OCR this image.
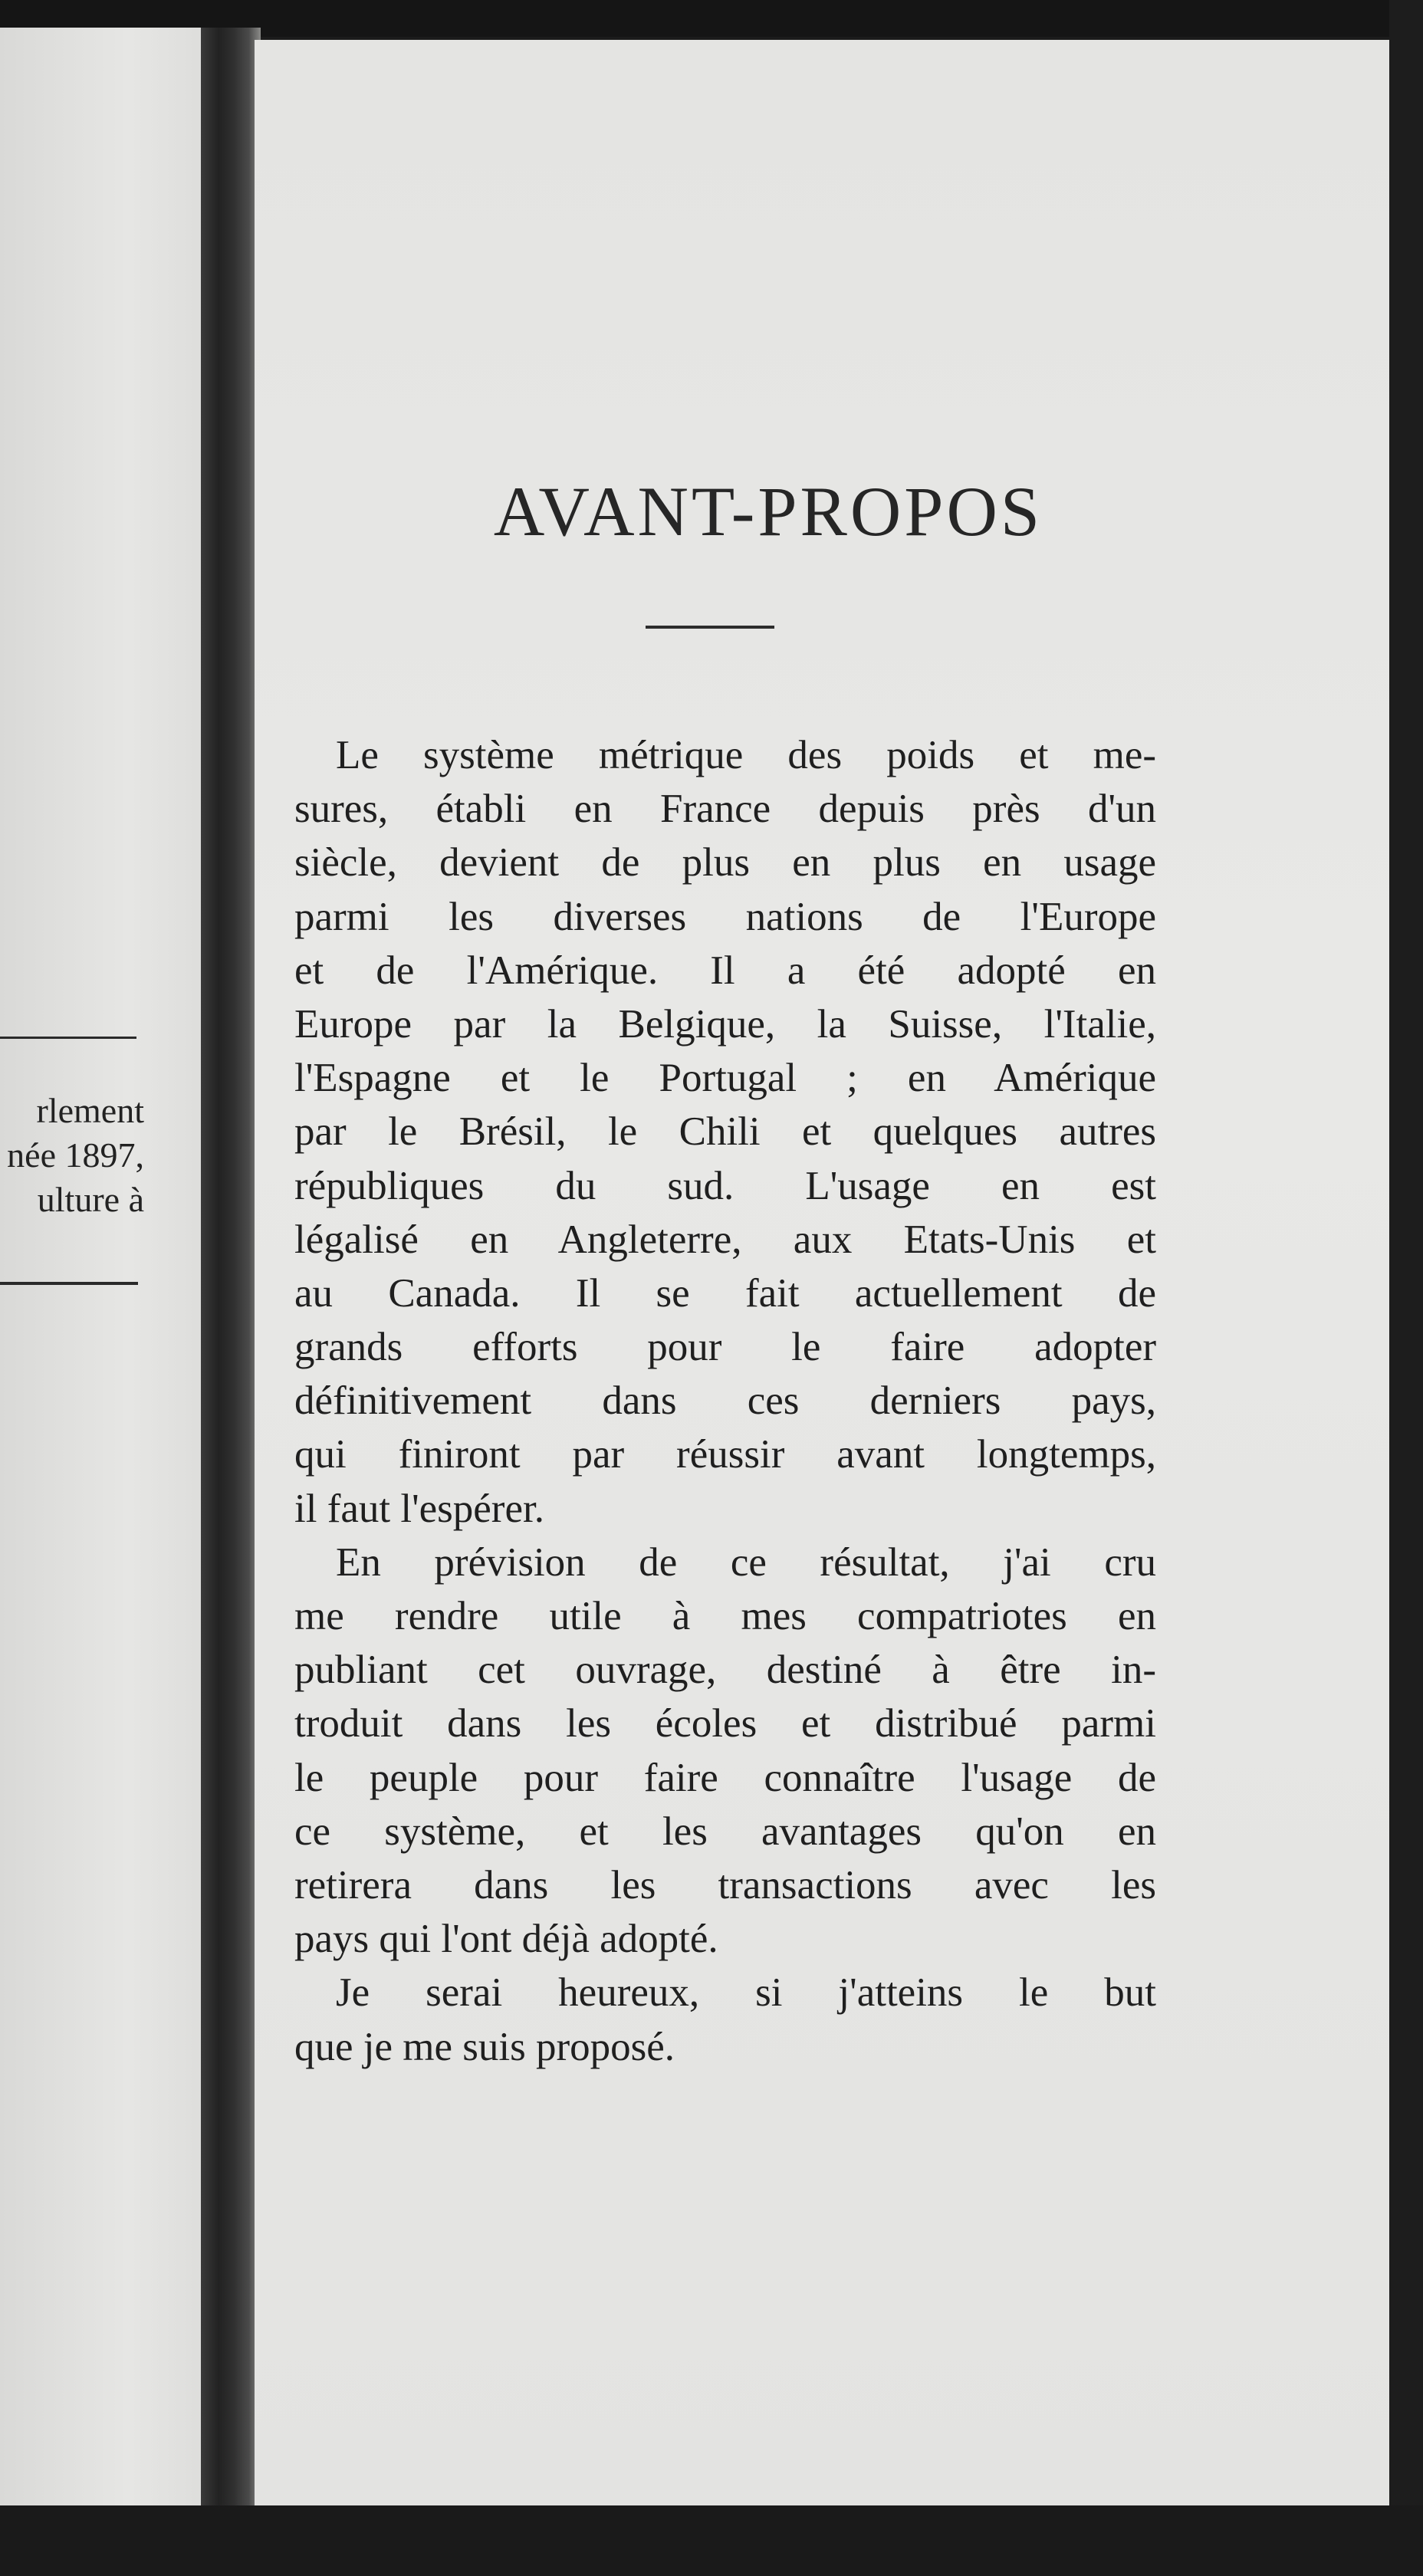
rlement
née 1897,
ulture à
AVANT-PROPOS
Le système métrique des poids et me-
sures, établi en France depuis près d'un
siècle, devient de plus en plus en usage
parmi les diverses nations de l'Europe
et de l'Amérique. Il a été adopté en
Europe par la Belgique, la Suisse, l'Italie,
l'Espagne et le Portugal ; en Amérique
par le Brésil, le Chili et quelques autres
républiques du sud. L'usage en est
légalisé en Angleterre, aux Etats-Unis et
au Canada. Il se fait actuellement de
grands efforts pour le faire adopter
définitivement dans ces derniers pays,
qui finiront par réussir avant longtemps,
il faut l'espérer.
En prévision de ce résultat, j'ai cru
me rendre utile à mes compatriotes en
publiant cet ouvrage, destiné à être in-
troduit dans les écoles et distribué parmi
le peuple pour faire connaître l'usage de
ce système, et les avantages qu'on en
retirera dans les transactions avec les
pays qui l'ont déjà adopté.
Je serai heureux, si j'atteins le but
que je me suis proposé.
